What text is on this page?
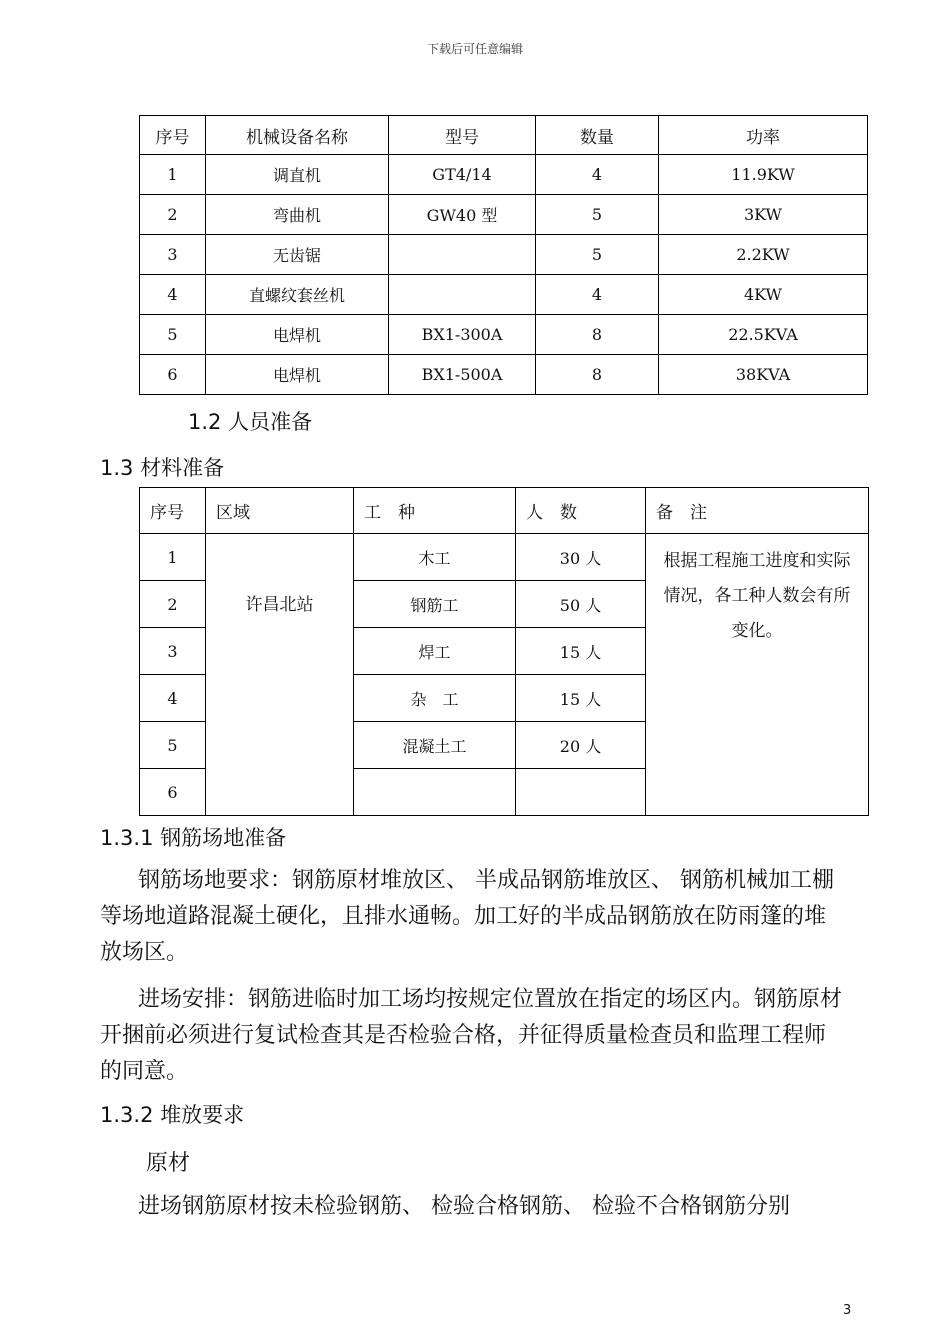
下载后可任意编辑
序号	机械设备名称	型号	数量	功率
1	调直机	GT4/14	4	11.9KW
2	弯曲机	GW40 型	5	3KW
3	无齿锯		5	2.2KW
4	直螺纹套丝机		4	4KW
5	电焊机	BX1-300A	8	22.5KVA
6	电焊机	BX1-500A	8	38KVA
1.2 人员准备
1.3 材料准备
序号	区域	工　种	人　数	备　注
1	许昌北站	木工	30 人	根据工程施工进度和实际情况，各工种人数会有所变化。
2		钢筋工	50 人	
3		焊工	15 人	
4		杂　工	15 人	
5		混凝土工	20 人	
6				
1.3.1 钢筋场地准备
钢筋场地要求：钢筋原材堆放区、 半成品钢筋堆放区、 钢筋机械加工棚等场地道路混凝土硬化，且排水通畅。加工好的半成品钢筋放在防雨篷的堆放场区。
进场安排：钢筋进临时加工场均按规定位置放在指定的场区内。钢筋原材开捆前必须进行复试检查其是否检验合格，并征得质量检查员和监理工程师的同意。
1.3.2 堆放要求
原材
进场钢筋原材按未检验钢筋、 检验合格钢筋、 检验不合格钢筋分别
3
